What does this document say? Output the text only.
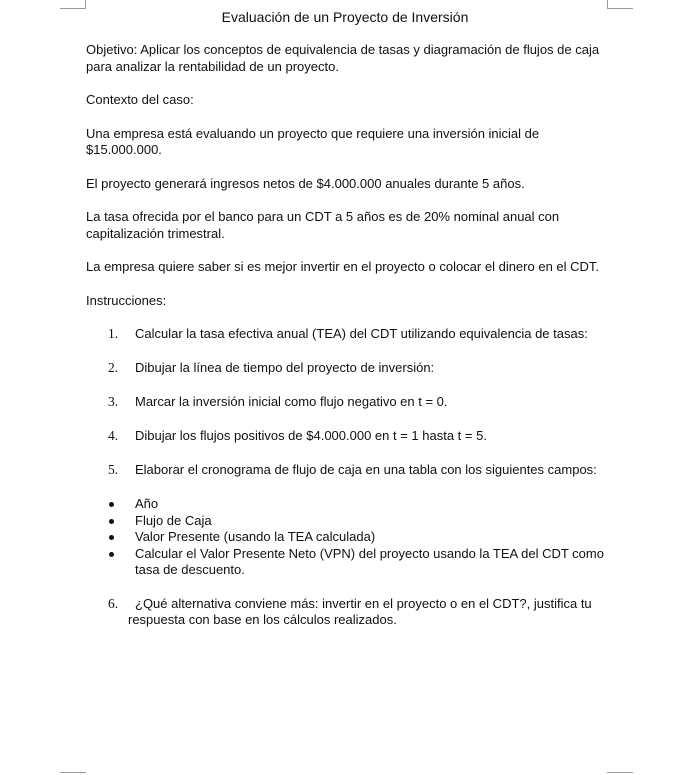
Evaluación de un Proyecto de Inversión

Objetivo: Aplicar los conceptos de equivalencia de tasas y diagramación de flujos de caja para analizar la rentabilidad de un proyecto.

Contexto del caso:

Una empresa está evaluando un proyecto que requiere una inversión inicial de $15.000.000.

El proyecto generará ingresos netos de $4.000.000 anuales durante 5 años.

La tasa ofrecida por el banco para un CDT a 5 años es de 20% nominal anual con capitalización trimestral.

La empresa quiere saber si es mejor invertir en el proyecto o colocar el dinero en el CDT.

Instrucciones:

1.	Calcular la tasa efectiva anual (TEA) del CDT utilizando equivalencia de tasas:
2.	Dibujar la línea de tiempo del proyecto de inversión:
3.	Marcar la inversión inicial como flujo negativo en t = 0.
4.	Dibujar los flujos positivos de $4.000.000 en t = 1 hasta t = 5.
5.	Elaborar el cronograma de flujo de caja en una tabla con los siguientes campos:
Año
Flujo de Caja
Valor Presente (usando la TEA calculada)
Calcular el Valor Presente Neto (VPN) del proyecto usando la TEA del CDT como tasa de descuento.
6.	¿Qué alternativa conviene más: invertir en el proyecto o en el CDT?, justifica tu respuesta con base en los cálculos realizados.
